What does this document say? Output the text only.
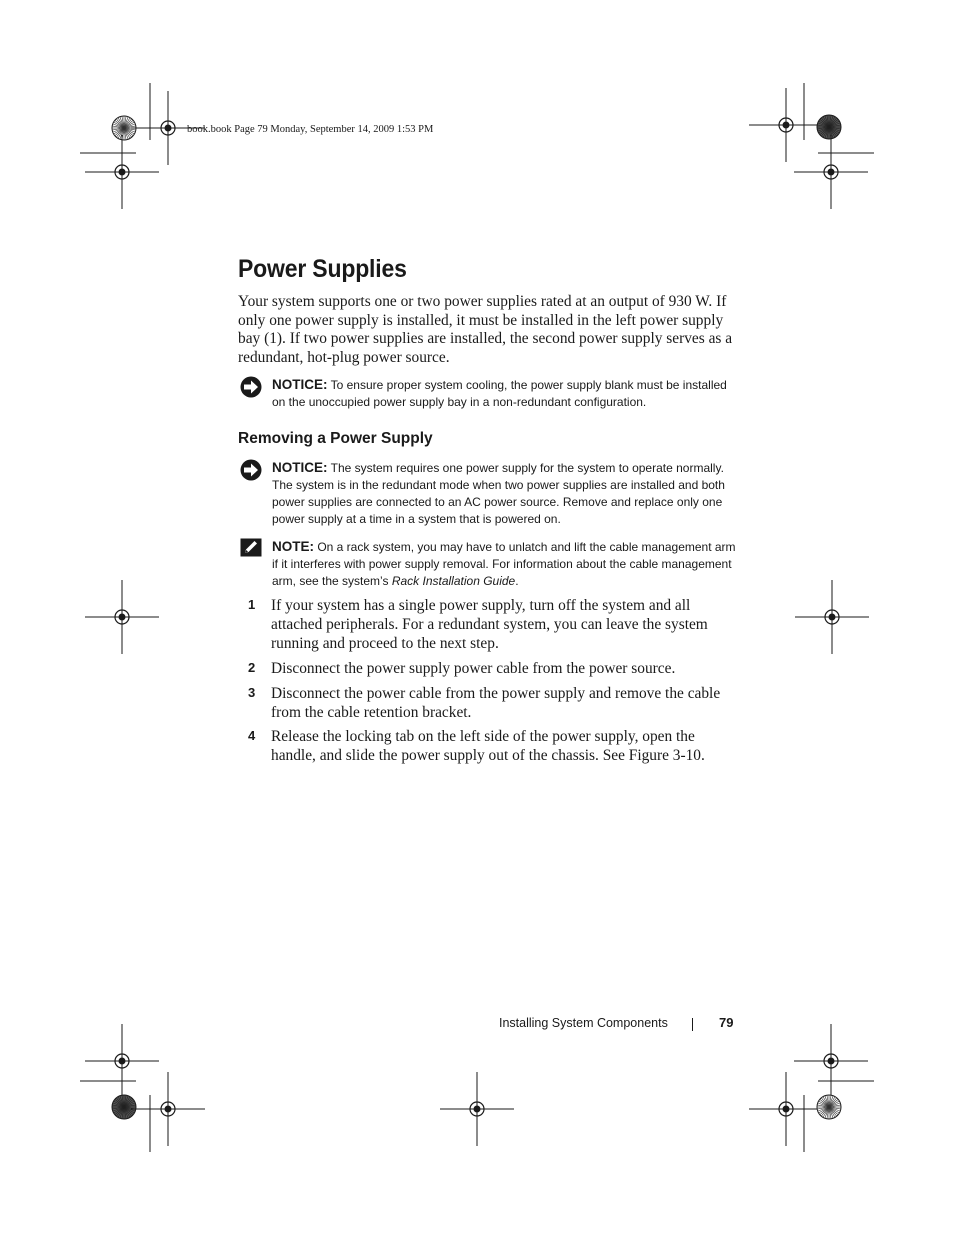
book.book Page 79 Monday, September 14, 2009 1:53 PM
Power Supplies

Your system supports one or two power supplies rated at an output of 930 W. If only one power supply is installed, it must be installed in the left power supply bay (1). If two power supplies are installed, the second power supply serves as a redundant, hot-plug power source.

NOTICE: To ensure proper system cooling, the power supply blank must be installed on the unoccupied power supply bay in a non-redundant configuration.
Removing a Power Supply
NOTICE: The system requires one power supply for the system to operate normally. The system is in the redundant mode when two power supplies are installed and both power supplies are connected to an AC power source. Remove and replace only one power supply at a time in a system that is powered on.
NOTE: On a rack system, you may have to unlatch and lift the cable management arm if it interferes with power supply removal. For information about the cable management arm, see the system’s Rack Installation Guide.
1 If your system has a single power supply, turn off the system and all attached peripherals. For a redundant system, you can leave the system running and proceed to the next step.
2 Disconnect the power supply power cable from the power source.
3 Disconnect the power cable from the power supply and remove the cable from the cable retention bracket.
4 Release the locking tab on the left side of the power supply, open the handle, and slide the power supply out of the chassis. See Figure 3-10.
Installing System Components	79
